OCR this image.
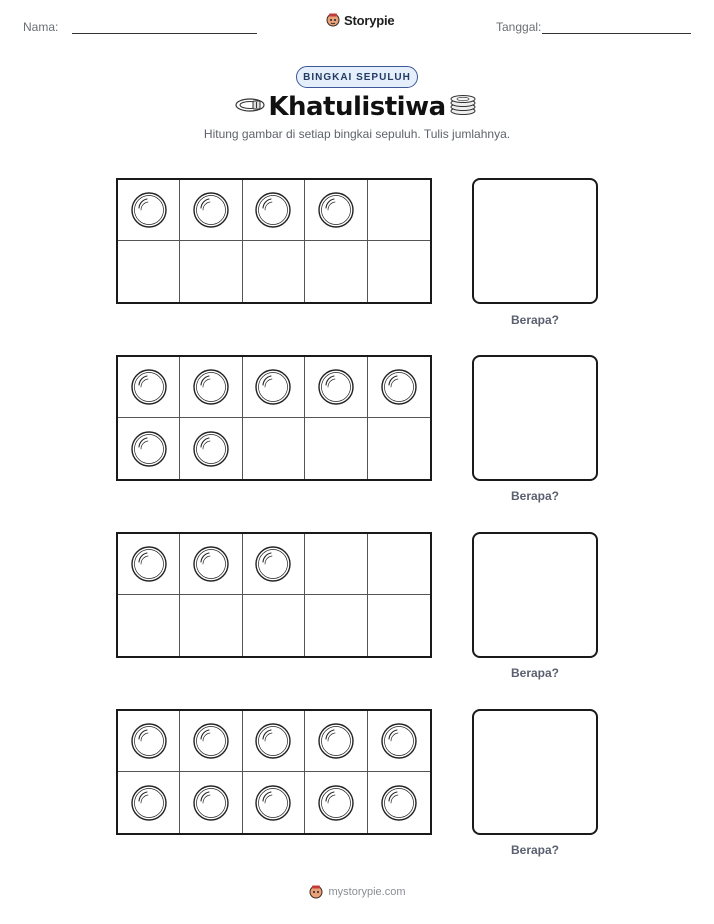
Nama:	Storypie	Tanggal:
BINGKAI SEPULUH
Khatulistiwa
Hitung gambar di setiap bingkai sepuluh. Tulis jumlahnya.
Berapa?
Berapa?
Berapa?
Berapa?
mystorypie.com
